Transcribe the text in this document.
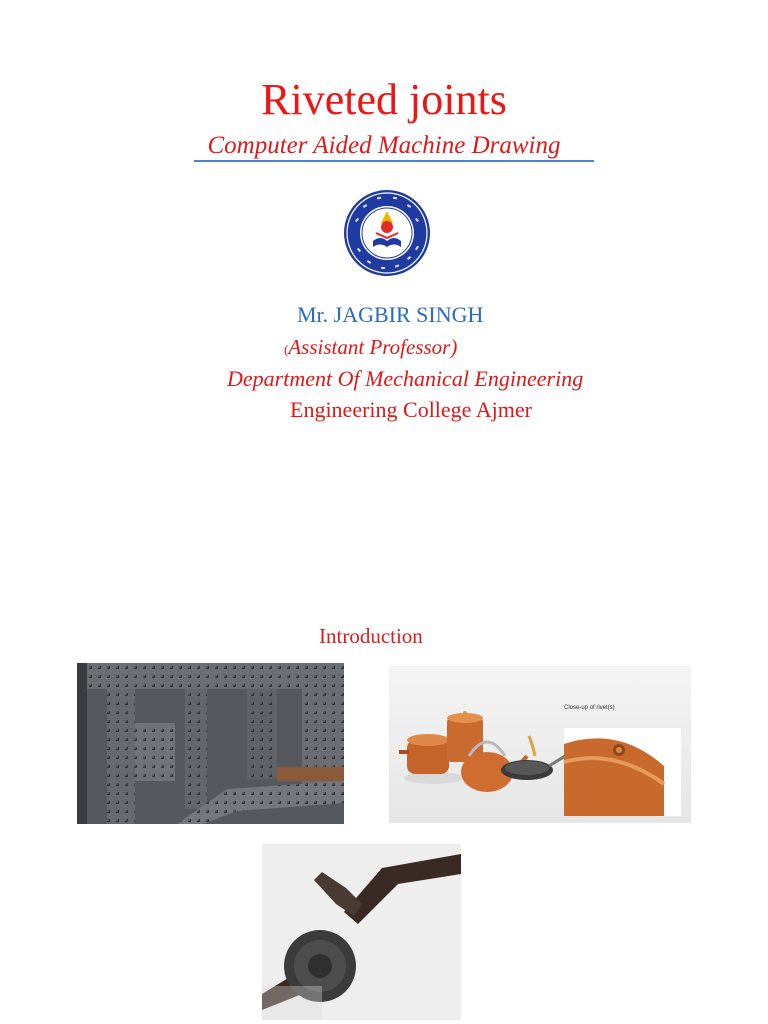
Riveted joints
Computer Aided Machine Drawing
Mr. JAGBIR SINGH
(Assistant Professor)
Department Of Mechanical Engineering
Engineering College Ajmer
Introduction
Close-up of rivet(s)
